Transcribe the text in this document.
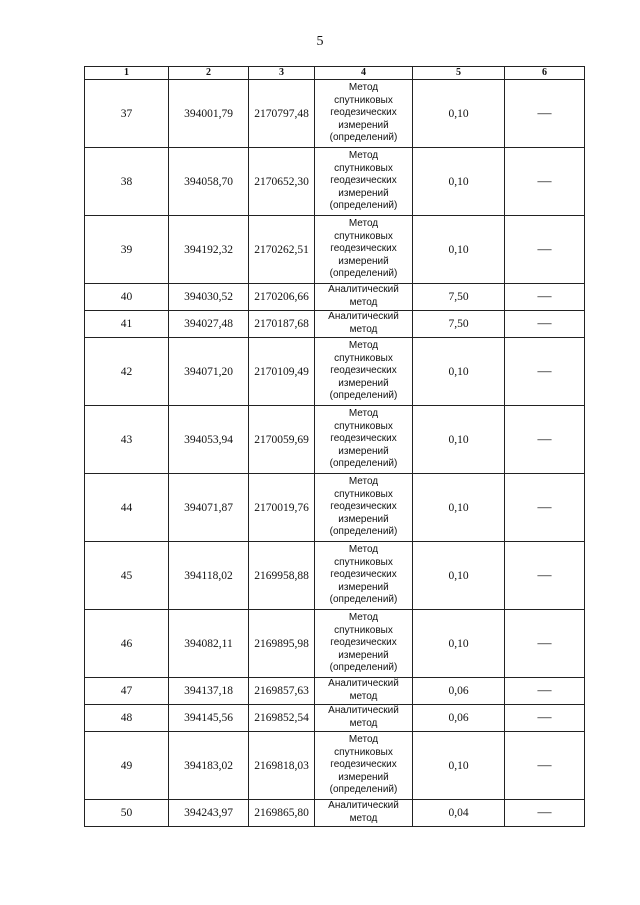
5
1	2	3	4	5	6
37	394001,79	2170797,48	Метод
спутниковых
геодезических
измерений
(определений)	0,10	—
38	394058,70	2170652,30	Метод
спутниковых
геодезических
измерений
(определений)	0,10	—
39	394192,32	2170262,51	Метод
спутниковых
геодезических
измерений
(определений)	0,10	—
40	394030,52	2170206,66	Аналитический
метод	7,50	—
41	394027,48	2170187,68	Аналитический
метод	7,50	—
42	394071,20	2170109,49	Метод
спутниковых
геодезических
измерений
(определений)	0,10	—
43	394053,94	2170059,69	Метод
спутниковых
геодезических
измерений
(определений)	0,10	—
44	394071,87	2170019,76	Метод
спутниковых
геодезических
измерений
(определений)	0,10	—
45	394118,02	2169958,88	Метод
спутниковых
геодезических
измерений
(определений)	0,10	—
46	394082,11	2169895,98	Метод
спутниковых
геодезических
измерений
(определений)	0,10	—
47	394137,18	2169857,63	Аналитический
метод	0,06	—
48	394145,56	2169852,54	Аналитический
метод	0,06	—
49	394183,02	2169818,03	Метод
спутниковых
геодезических
измерений
(определений)	0,10	—
50	394243,97	2169865,80	Аналитический
метод	0,04	—
